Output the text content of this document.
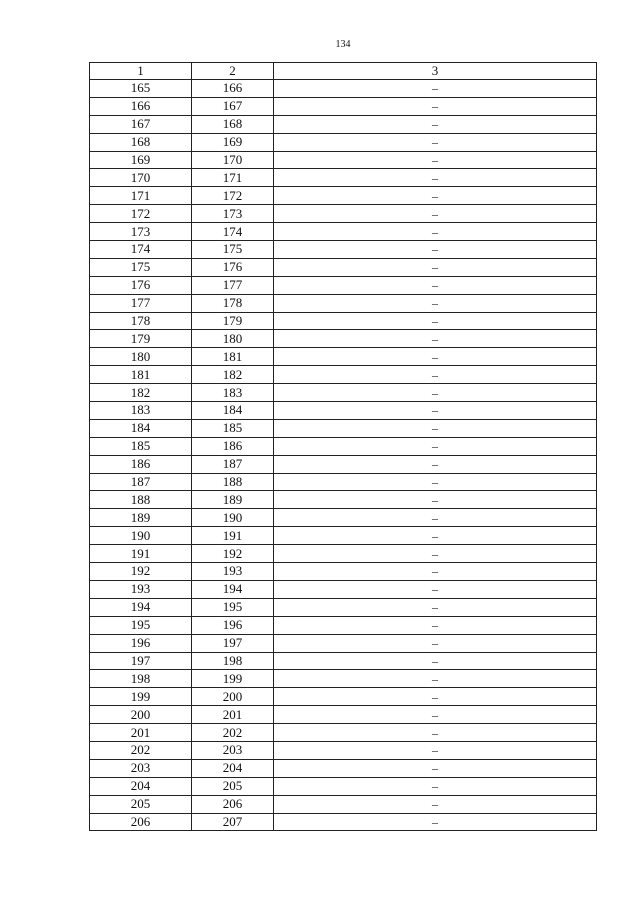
134
1	2	3
165	166	–
166	167	–
167	168	–
168	169	–
169	170	–
170	171	–
171	172	–
172	173	–
173	174	–
174	175	–
175	176	–
176	177	–
177	178	–
178	179	–
179	180	–
180	181	–
181	182	–
182	183	–
183	184	–
184	185	–
185	186	–
186	187	–
187	188	–
188	189	–
189	190	–
190	191	–
191	192	–
192	193	–
193	194	–
194	195	–
195	196	–
196	197	–
197	198	–
198	199	–
199	200	–
200	201	–
201	202	–
202	203	–
203	204	–
204	205	–
205	206	–
206	207	–
